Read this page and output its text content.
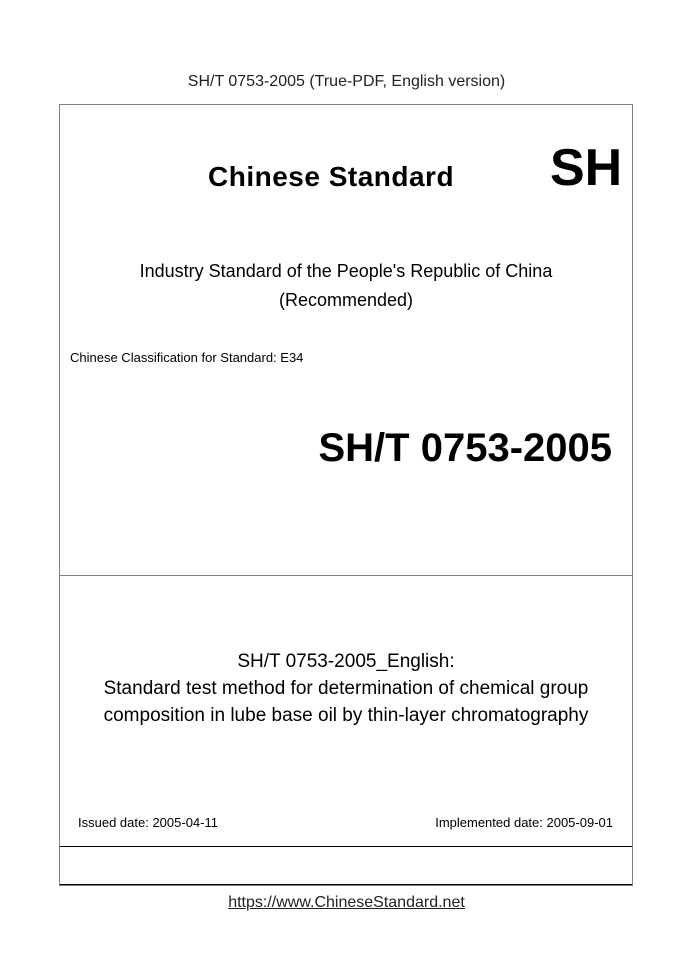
SH/T 0753-2005 (True-PDF, English version)
Chinese Standard SH
Industry Standard of the People's Republic of China
(Recommended)
Chinese Classification for Standard: E34
SH/T 0753-2005
SH/T 0753-2005_English:
Standard test method for determination of chemical group
composition in lube base oil by thin-layer chromatography
Issued date: 2005-04-11	Implemented date: 2005-09-01
https://www.ChineseStandard.net
